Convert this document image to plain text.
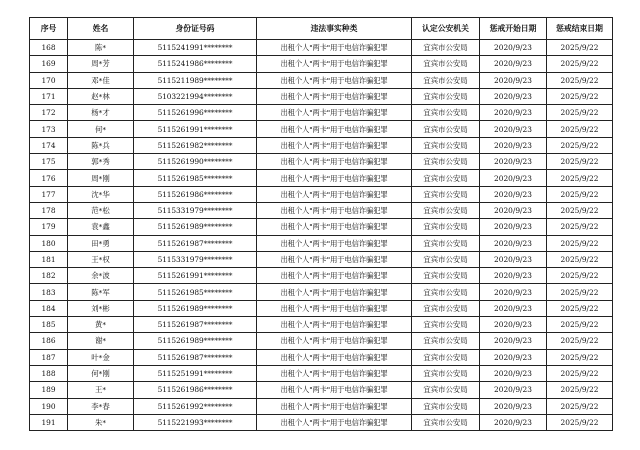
序号	姓名	身份证号码	违法事实种类	认定公安机关	惩戒开始日期	惩戒结束日期
168	陈*	5115241991********	出租个人"两卡"用于电信诈骗犯罪	宜宾市公安局	2020/9/23	2025/9/22
169	周*芳	5115241986********	出租个人"两卡"用于电信诈骗犯罪	宜宾市公安局	2020/9/23	2025/9/22
170	邓*佳	5115211989********	出租个人"两卡"用于电信诈骗犯罪	宜宾市公安局	2020/9/23	2025/9/22
171	赵*林	5103221994********	出租个人"两卡"用于电信诈骗犯罪	宜宾市公安局	2020/9/23	2025/9/22
172	杨*才	5115261996********	出租个人"两卡"用于电信诈骗犯罪	宜宾市公安局	2020/9/23	2025/9/22
173	何*	5115261991********	出租个人"两卡"用于电信诈骗犯罪	宜宾市公安局	2020/9/23	2025/9/22
174	陈*兵	5115261982********	出租个人"两卡"用于电信诈骗犯罪	宜宾市公安局	2020/9/23	2025/9/22
175	郭*秀	5115261990********	出租个人"两卡"用于电信诈骗犯罪	宜宾市公安局	2020/9/23	2025/9/22
176	周*刚	5115261985********	出租个人"两卡"用于电信诈骗犯罪	宜宾市公安局	2020/9/23	2025/9/22
177	沈*华	5115261986********	出租个人"两卡"用于电信诈骗犯罪	宜宾市公安局	2020/9/23	2025/9/22
178	范*松	5115331979********	出租个人"两卡"用于电信诈骗犯罪	宜宾市公安局	2020/9/23	2025/9/22
179	袁*鑫	5115261989********	出租个人"两卡"用于电信诈骗犯罪	宜宾市公安局	2020/9/23	2025/9/22
180	田*勇	5115261987********	出租个人"两卡"用于电信诈骗犯罪	宜宾市公安局	2020/9/23	2025/9/22
181	王*权	5115331979********	出租个人"两卡"用于电信诈骗犯罪	宜宾市公安局	2020/9/23	2025/9/22
182	余*波	5115261991********	出租个人"两卡"用于电信诈骗犯罪	宜宾市公安局	2020/9/23	2025/9/22
183	陈*军	5115261985********	出租个人"两卡"用于电信诈骗犯罪	宜宾市公安局	2020/9/23	2025/9/22
184	刘*彬	5115261989********	出租个人"两卡"用于电信诈骗犯罪	宜宾市公安局	2020/9/23	2025/9/22
185	黄*	5115261987********	出租个人"两卡"用于电信诈骗犯罪	宜宾市公安局	2020/9/23	2025/9/22
186	谢*	5115261989********	出租个人"两卡"用于电信诈骗犯罪	宜宾市公安局	2020/9/23	2025/9/22
187	叶*金	5115261987********	出租个人"两卡"用于电信诈骗犯罪	宜宾市公安局	2020/9/23	2025/9/22
188	何*刚	5115251991********	出租个人"两卡"用于电信诈骗犯罪	宜宾市公安局	2020/9/23	2025/9/22
189	王*	5115261986********	出租个人"两卡"用于电信诈骗犯罪	宜宾市公安局	2020/9/23	2025/9/22
190	李*春	5115261992********	出租个人"两卡"用于电信诈骗犯罪	宜宾市公安局	2020/9/23	2025/9/22
191	朱*	5115221993********	出租个人"两卡"用于电信诈骗犯罪	宜宾市公安局	2020/9/23	2025/9/22
